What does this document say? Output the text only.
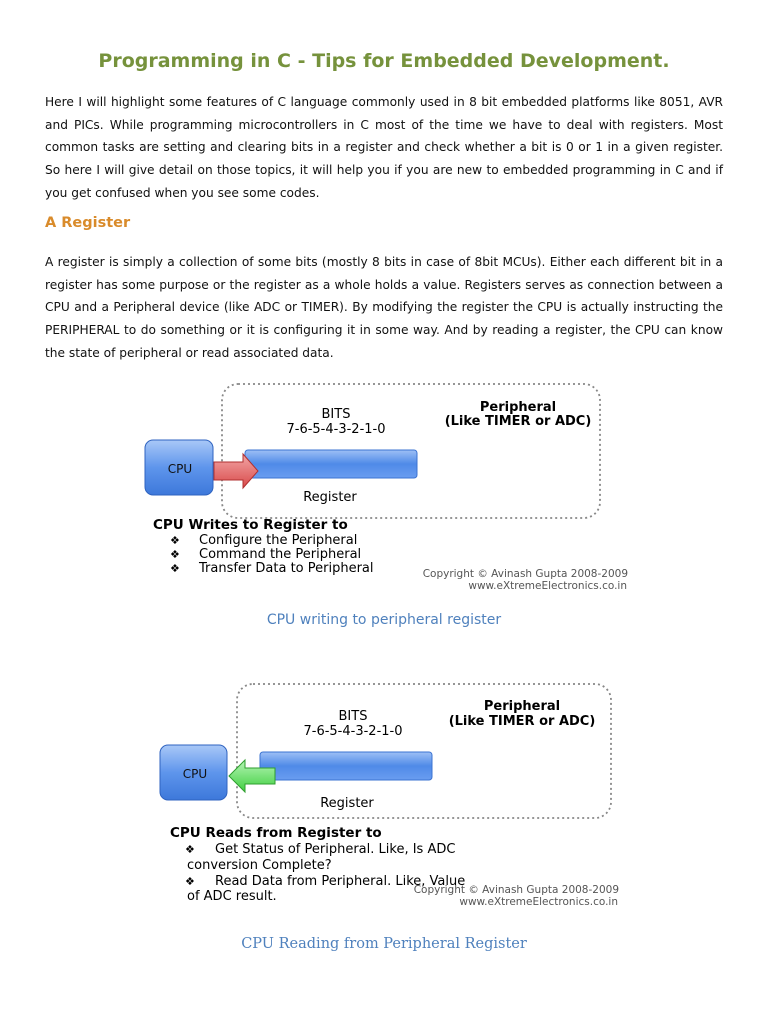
Programming in C - Tips for Embedded Development.

Here I will highlight some features of C language commonly used in 8 bit embedded platforms like 8051, AVR and PICs. While programming microcontrollers in C most of the time we have to deal with registers. Most common tasks are setting and clearing bits in a register and check whether a bit is 0 or 1 in a given register. So here I will give detail on those topics, it will help you if you are new to embedded programming in C and if you get confused when you see some codes.

A Register

A register is simply a collection of some bits (mostly 8 bits in case of 8bit MCUs). Either each different bit in a register has some purpose or the register as a whole holds a value. Registers serves as connection between a CPU and a Peripheral device (like ADC or TIMER). By modifying the register the CPU is actually instructing the PERIPHERAL to do something or it is configuring it in some way. And by reading a register, the CPU can know the state of peripheral or read associated data.

BITS
7-6-5-4-3-2-1-0
Peripheral
(Like TIMER or ADC)
CPU
Register
CPU Writes to Register to
❖ Configure the Peripheral
❖ Command the Peripheral
❖ Transfer Data to Peripheral	Copyright © Avinash Gupta 2008-2009
www.eXtremeElectronics.co.in
CPU writing to peripheral register
BITS
7-6-5-4-3-2-1-0
Peripheral
(Like TIMER or ADC)
CPU
Register
CPU Reads from Register to
❖ Get Status of Peripheral. Like, Is ADC
conversion Complete?
❖ Read Data from Peripheral. Like, Value
of ADC result.	Copyright © Avinash Gupta 2008-2009
www.eXtremeElectronics.co.in
CPU Reading from Peripheral Register
